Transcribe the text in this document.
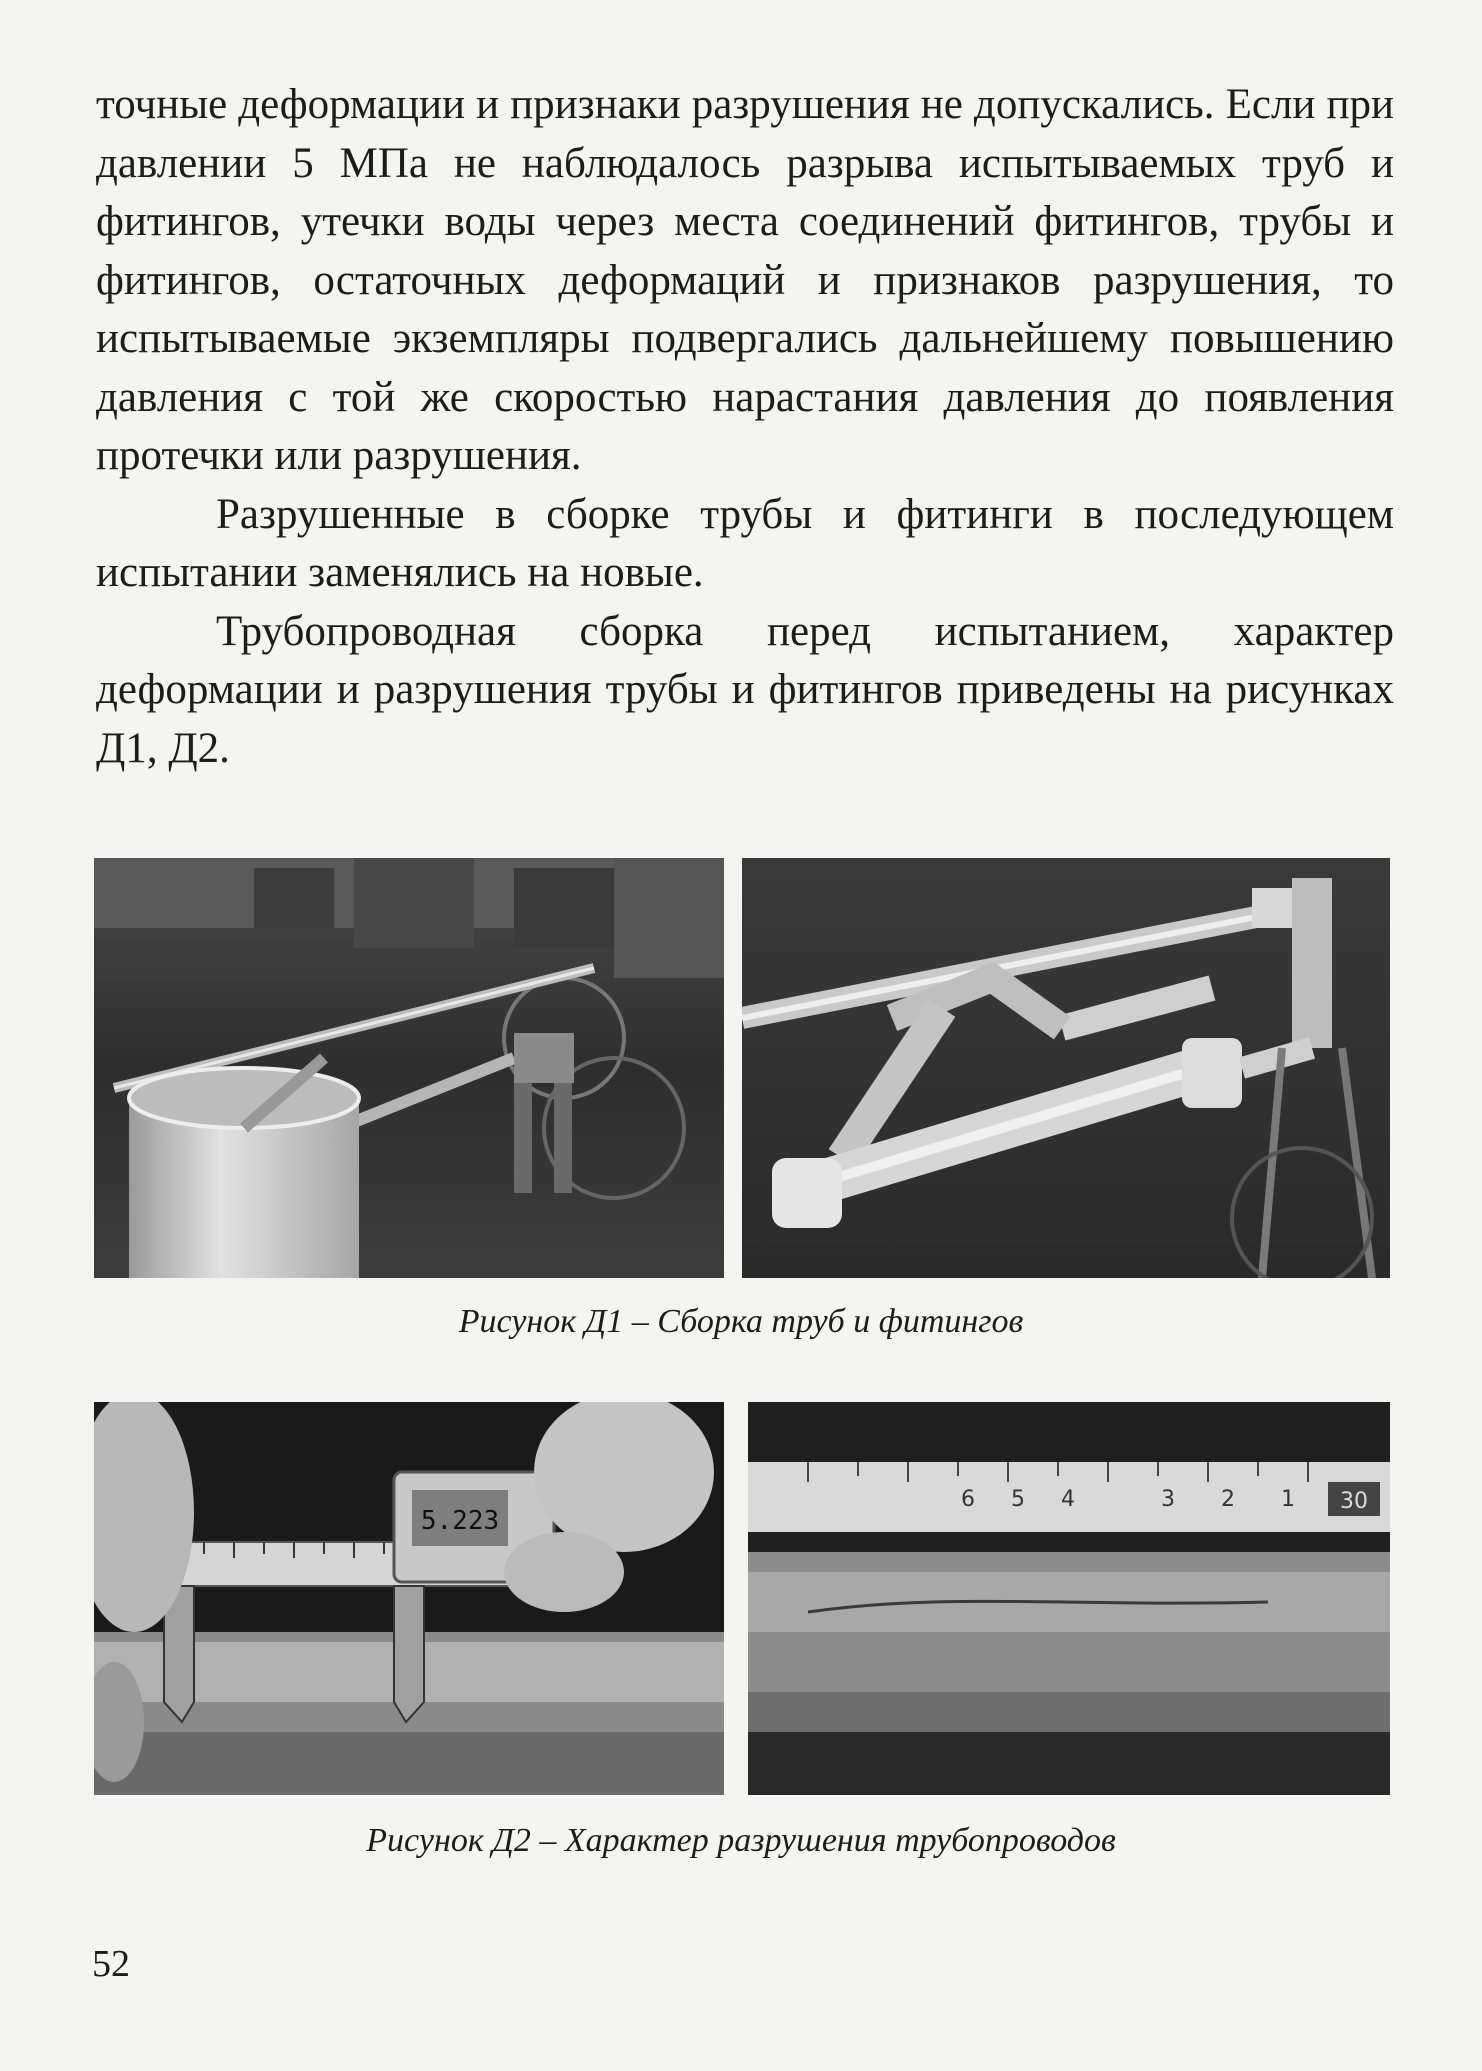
точные деформации и признаки разрушения не допускались. Если при давлении 5 МПа не наблюдалось разрыва испытываемых труб и фитингов, утечки воды через места соединений фитингов, трубы и фитингов, остаточных деформаций и признаков разрушения, то испытываемые экземпляры подвергались дальнейшему повышению давления с той же скоростью нарастания давления до появления протечки или разрушения.

Разрушенные в сборке трубы и фитинги в последующем испытании заменялись на новые.

Трубопроводная сборка перед испытанием, характер деформации и разрушения трубы и фитингов приведены на рисунках Д1, Д2.

Рисунок Д1 – Сборка труб и фитингов
5.223
6 5 4	3 2 1 30
Рисунок Д2 – Характер разрушения трубопроводов
52
